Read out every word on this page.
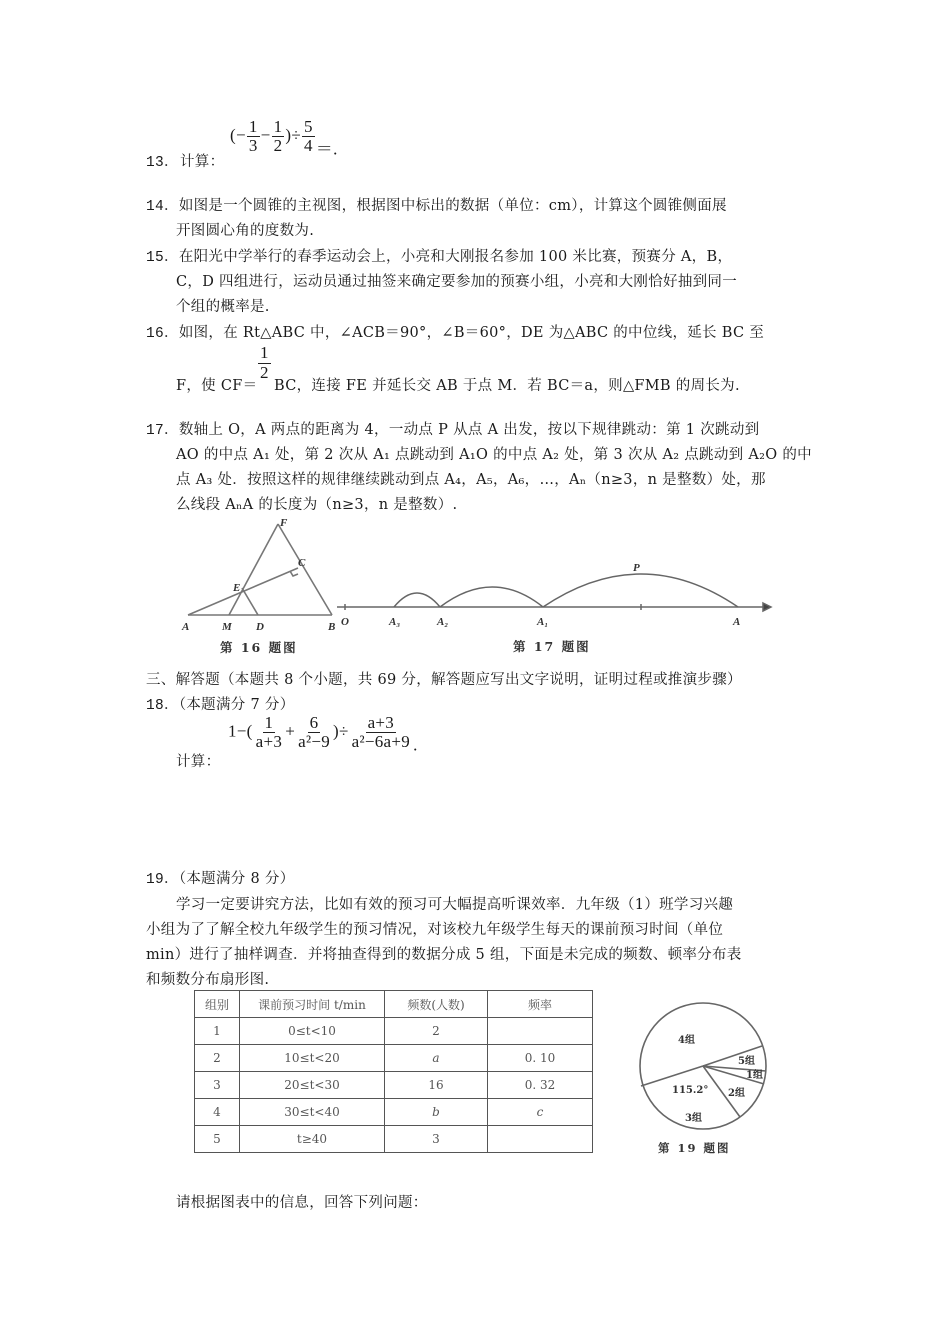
13． 计算：
(− $\frac{1}{3} - \frac{1}{2}$ )÷ $\frac{5}{4}$ ＝.
14．如图是一个圆锥的主视图，根据图中标出的数据（单位：cm），计算这个圆锥侧面展
开图圆心角的度数为.
15．在阳光中学举行的春季运动会上，小亮和大刚报名参加 100 米比赛，预赛分 A，B，
C，D 四组进行，运动员通过抽签来确定要参加的预赛小组，小亮和大刚恰好抽到同一
个组的概率是.
16．如图，在 Rt△ABC 中，∠ACB＝90°，∠B＝60°，DE 为△ABC 的中位线，延长 BC 至
F，使 CF＝
1
2
BC，连接 FE 并延长交 AB 于点 M．若 BC＝a，则△FMB 的周长为.
17．数轴上 O，A 两点的距离为 4，一动点 P 从点 A 出发，按以下规律跳动：第 1 次跳动到
AO 的中点 A₁ 处，第 2 次从 A₁ 点跳动到 A₁O 的中点 A₂ 处，第 3 次从 A₂ 点跳动到 A₂O 的中
点 A₃ 处．按照这样的规律继续跳动到点 A₄，A₅，A₆，…，Aₙ（n≥3，n 是整数）处，那
么线段 AₙA 的长度为（n≥3，n 是整数）.
F
C
E
A	M D	B
第 16 题图
O	A₃	A₂	A₁	A
P
第 17 题图
三、解答题（本题共 8 个小题，共 69 分，解答题应写出文字说明，证明过程或推演步骤）
18．（本题满分 7 分）
计算：
$1-( \frac{1}{a+3} + \frac{6}{\text{a²−9}}$ )÷ $\frac{a+3}{\text{a²−6a+9}}$ .
19．（本题满分 8 分）
学习一定要讲究方法，比如有效的预习可大幅提高听课效率．九年级（1）班学习兴趣
小组为了了解全校九年级学生的预习情况，对该校九年级学生每天的课前预习时间（单位
min）进行了抽样调查．并将抽查得到的数据分成 5 组，下面是未完成的频数、顿率分布表
和频数分布扇形图.
组别	课前预习时间 t/min	频数(人数)	频率
1	0≤t<10	2	
2	10≤t<20	a	0. 10
3	20≤t<30	16	0. 32
4	30≤t<40	b	c
5	t≥40	3	
4组
5组
1组
2组
3组
115.2°
第 19 题图
请根据图表中的信息，回答下列问题：
